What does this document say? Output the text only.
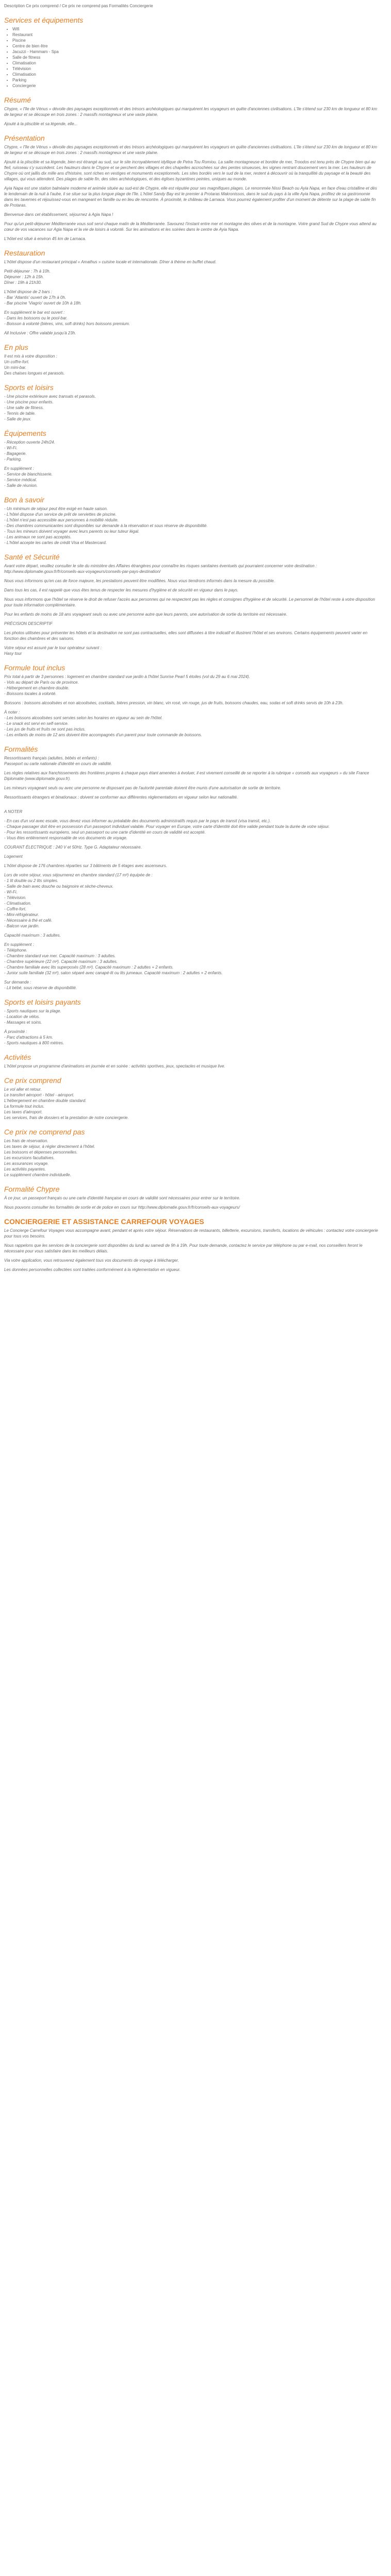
Description Ce prix comprend / Ce prix ne comprend pas Formalités Conciergerie
Services et équipements
• Wifi
• Restaurant
• Piscine
• Centre de bien être
• Jacuzzi - Hammam - Spa
• Salle de fitness
• Climatisation
• Télévision
• Climatisation
• Parking
• Conciergerie
Résumé

Chypre, « l'île de Vénus » dévoile des paysages exceptionnels et des trésors archéologiques qui marquèrent les voyageurs en quête d'anciennes civilisations. L'île s'étend sur 230 km de longueur et 80 km de largeur et se découpe en trois zones : 2 massifs montagneux et une vaste plaine.

Ajouté à la pliscible et sa légende, elle...

Présentation

Chypre, « l'île de Vénus » dévoile des paysages exceptionnels et des trésors archéologiques qui marquèrent les voyageurs en quête d'anciennes civilisations. L'île s'étend sur 230 km de longueur et 80 km de largeur et se découpe en trois zones : 2 massifs montagneux et une vaste plaine.

Ajouté à la pliscible et sa légende, bien est étrangé au sud, sur le site incroyablement idyllique de Petra Tou Romiou. La saille montagneuse et bordée de mer, Troodos est tenu près de Chypre bien qui au fleil, ruisseau s'y succèdent. Les hauteurs dans le Chypre et se perchent des villages et des chapelles accrochées sur des pentes sinueuses, les vignes rentrant doucement vers la mer. Les hauteurs de Chypre où ont jaillis dix mille ans d'histoire, sont riches en vestiges et monuments exceptionnels. Les sites bordés vers le sud de la mer, restent à découvrir où la tranquillité du paysage et la beauté des villages, qui vous attendent. Des plages de sable fin, des sites archéologiques, et des églises byzantines peintes, uniques au monde.

Ayia Napa est une station balnéaire moderne et animée située au sud-est de Chypre, elle est réputée pour ses magnifiques plages. Le renommée Nissi Beach ou Ayia Napa, en face d'eau cristalline et dès le lendemain de la nuit à l'aube, il se situe sur la plus longue plage de l'île. L'hôtel Sandy Bay est le premier à Protaras Makronissos, dans le sud du pays à la ville Ayia Napa, profitez de sa gastronomie dans les tavernes et réjouissez-vous en mangeant en famille ou en lieu de rencontre. À proximité, le château de Larnaca. Vous pourrez également profiter d'un moment de détente sur la plage de sable fin de Protaras.

Bienvenue dans cet établissement, séjournez à Agia Napa !

Pour qu'un petit-déjeuner Méditerranée vous soit servi chaque matin de la Méditerranée. Savourez l'instant entre mer et montagne des olives et de la montagne. Votre grand Sud de Chypre vous attend au cœur de vos vacances sur Agia Napa et la vie de loisirs à volonté. Sur les animations et les soirées dans le centre de Ayia Napa.

L'hôtel est situé à environ 45 km de Larnaca.

Restauration

L'hôtel dispose d'un restaurant principal « Amathus » cuisine locale et internationale. Dîner à thème en buffet chaud.

Petit-déjeuner : 7h à 10h.
Déjeuner : 12h à 15h.
Dîner : 19h à 21h30.

L'hôtel dispose de 2 bars :
- Bar 'Atlantis' ouvert de 17h à 0h.
- Bar piscine 'Viagrio' ouvert de 10h à 18h.

En supplément le bar est ouvert :
- Dans les boissons ou le pool-bar.
- Boisson à volonté (bières, vins, soft drinks) hors boissons premium.

All Inclusive : Offre valable jusqu'à 23h.

En plus

Il est mis à votre disposition :
Un coffre-fort.
Un mini-bar.
Des chaises longues et parasols.

Sports et loisirs

- Une piscine extérieure avec transats et parasols.
- Une piscine pour enfants.
- Une salle de fitness.
- Tennis de table.
- Salle de jeux.

Équipements

- Réception ouverte 24h/24.
- Wi-Fi.
- Bagagerie.
- Parking.

En supplément :
- Service de blanchisserie.
- Service médical.
- Salle de réunion.

Bon à savoir

- Un minimum de séjour peut être exigé en haute saison.
- L'hôtel dispose d'un service de prêt de serviettes de piscine.
- L'hôtel n'est pas accessible aux personnes à mobilité réduite.
- Des chambres communicantes sont disponibles sur demande à la réservation et sous réserve de disponibilité.
- Tous les mineurs doivent voyager avec leurs parents ou leur tuteur légal.
- Les animaux ne sont pas acceptés.
- L'hôtel accepte les cartes de crédit Visa et Mastercard.

Santé et Sécurité

Avant votre départ, veuillez consulter le site du ministère des Affaires étrangères pour connaître les risques sanitaires éventuels qui pourraient concerner votre destination : http://www.diplomatie.gouv.fr/fr/conseils-aux-voyageurs/conseils-par-pays-destination/

Nous vous informons qu'en cas de force majeure, les prestations peuvent être modifiées. Nous vous tiendrons informés dans la mesure du possible.

Dans tous les cas, il est rappelé que vous êtes tenus de respecter les mesures d'hygiène et de sécurité en vigueur dans le pays.

Nous vous informons que l'hôtel se réserve le droit de refuser l'accès aux personnes qui ne respectent pas les règles et consignes d'hygiène et de sécurité. Le personnel de l'hôtel reste à votre disposition pour toute information complémentaire.

Pour les enfants de moins de 18 ans voyageant seuls ou avec une personne autre que leurs parents, une autorisation de sortie du territoire est nécessaire.

PRÉCISION DESCRIPTIF

Les photos utilisées pour présenter les hôtels et la destination ne sont pas contractuelles, elles sont diffusées à titre indicatif et illustrent l'hôtel et ses environs. Certains équipements peuvent varier en fonction des chambres et des saisons.

Votre séjour est assuré par le tour opérateur suivant :
Hasy tour

Formule tout inclus

Prix total à partir de 3 personnes : logement en chambre standard vue jardin à l'hôtel Sunrise Pearl 5 étoiles (vol du 29 au 6 mai 2024).
- Vols au départ de Paris ou de province.
- Hébergement en chambre double.
- Boissons locales à volonté.

Boissons : boissons alcoolisées et non alcoolisées, cocktails, bières pression, vin blanc, vin rosé, vin rouge, jus de fruits, boissons chaudes, eau, sodas et soft drinks servis de 10h à 23h.

À noter :
- Les boissons alcoolisées sont servies selon les horaires en vigueur au sein de l'hôtel.
- Le snack est servi en self-service.
- Les jus de fruits et fruits ne sont pas inclus.
- Les enfants de moins de 12 ans doivent être accompagnés d'un parent pour toute commande de boissons.

Formalités

Ressortissants français (adultes, bébés et enfants) :
Passeport ou carte nationale d'identité en cours de validité.

Les règles relatives aux franchissements des frontières propres à chaque pays étant amenées à évoluer, il est vivement conseillé de se reporter à la rubrique « conseils aux voyageurs » du site France Diplomatie (www.diplomatie.gouv.fr).

Les mineurs voyageant seuls ou avec une personne ne disposant pas de l'autorité parentale doivent être munis d'une autorisation de sortie de territoire.

Ressortissants étrangers et binationaux : doivent se conformer aux différentes réglementations en vigueur selon leur nationalité.

A NOTER

- En cas d'un vol avec escale, vous devez vous informer au préalable des documents administratifs requis par le pays de transit (visa transit, etc.).
- Chaque passager doit être en possession d'un passeport individuel valable. Pour voyager en Europe, votre carte d'identité doit être valide pendant toute la durée de votre séjour.
- Pour les ressortissants européens, seul un passeport ou une carte d'identité en cours de validité est accepté.
- Vous êtes entièrement responsable de vos documents de voyage.

COURANT ÉLECTRIQUE : 240 V et 50Hz. Type G. Adaptateur nécessaire.

Logement

L'hôtel dispose de 176 chambres réparties sur 3 bâtiments de 5 étages avec ascenseurs.

Lors de votre séjour, vous séjournerez en chambre standard (17 m²) équipée de :
- 1 lit double ou 2 lits simples.
- Salle de bain avec douche ou baignoire et sèche-cheveux.
- Wi-Fi.
- Télévision.
- Climatisation.
- Coffre-fort.
- Mini-réfrigérateur.
- Nécessaire à thé et café.
- Balcon vue jardin.

Capacité maximum : 3 adultes.

En supplément :
- Téléphone.
- Chambre standard vue mer. Capacité maximum : 3 adultes.
- Chambre supérieure (22 m²). Capacité maximum : 3 adultes.
- Chambre familiale avec lits superposés (28 m²). Capacité maximum : 2 adultes + 2 enfants.
- Junior suite familiale (32 m²), salon séparé avec canapé-lit ou lits jumeaux. Capacité maximum : 2 adultes + 2 enfants.

Sur demande :
- Lit bébé, sous réserve de disponibilité.

Sports et loisirs payants

- Sports nautiques sur la plage.
- Location de vélos.
- Massages et soins.

À proximité :
- Parc d'attractions à 5 km.
- Sports nautiques à 800 mètres.

Activités

L'hôtel propose un programme d'animations en journée et en soirée : activités sportives, jeux, spectacles et musique live.

Ce prix comprend

Le vol aller et retour.
Le transfert aéroport - hôtel - aéroport.
L'hébergement en chambre double standard.
La formule tout inclus.
Les taxes d'aéroport.
Les services, frais de dossiers et la prestation de notre conciergerie.

Ce prix ne comprend pas

Les frais de réservation.
Les taxes de séjour, à régler directement à l'hôtel.
Les boissons et dépenses personnelles.
Les excursions facultatives.
Les assurances voyage.
Les activités payantes.
Le supplément chambre individuelle.

Formalité Chypre

À ce jour, un passeport français ou une carte d'identité française en cours de validité sont nécessaires pour entrer sur le territoire.

Nous pouvons consulter les formalités de sortie et de police en cours sur http://www.diplomatie.gouv.fr/fr/conseils-aux-voyageurs/

CONCIERGERIE ET ASSISTANCE CARREFOUR VOYAGES

Le Concierge Carrefour Voyages vous accompagne avant, pendant et après votre séjour. Réservations de restaurants, billetterie, excursions, transferts, locations de véhicules : contactez votre conciergerie pour tous vos besoins.

Nous rappelons que les services de la conciergerie sont disponibles du lundi au samedi de 9h à 19h. Pour toute demande, contactez le service par téléphone ou par e-mail, nos conseillers feront le nécessaire pour vous satisfaire dans les meilleurs délais.

Via votre application, vous retrouverez également tous vos documents de voyage à télécharger.

Les données personnelles collectées sont traitées conformément à la réglementation en vigueur.
